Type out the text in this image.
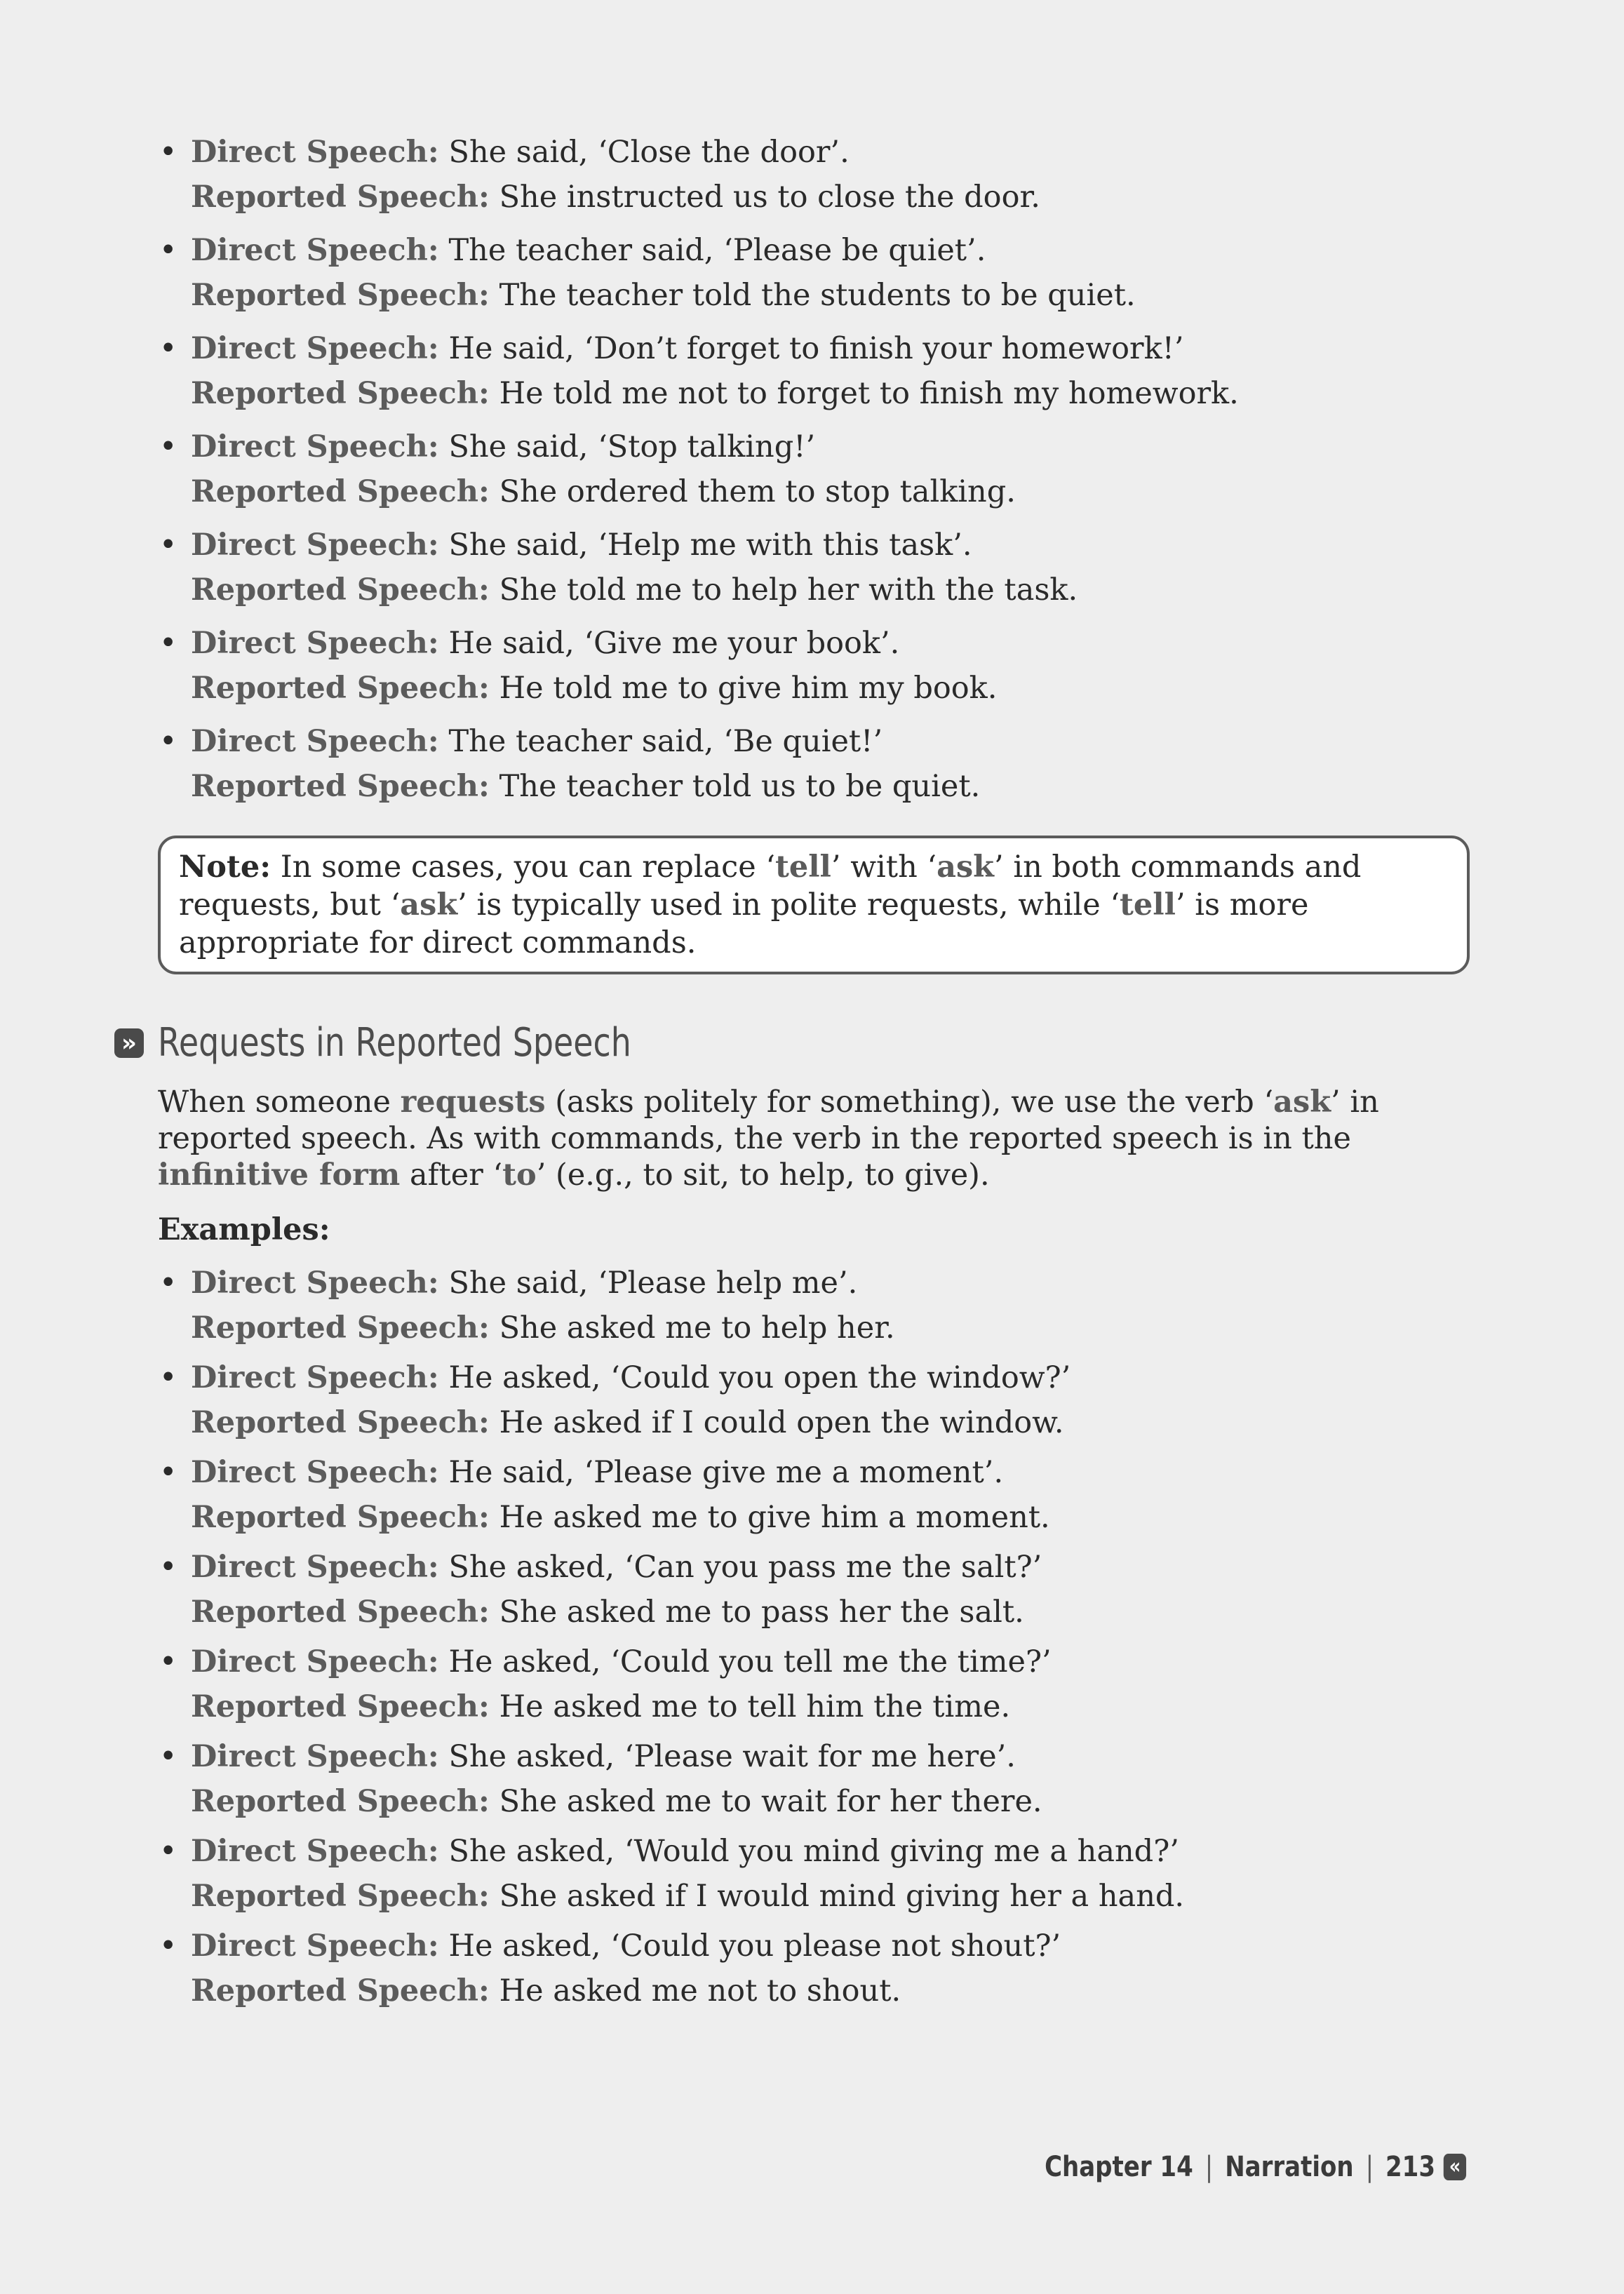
• Direct Speech: She said, ‘Close the door’.
Reported Speech: She instructed us to close the door.
• Direct Speech: The teacher said, ‘Please be quiet’.
Reported Speech: The teacher told the students to be quiet.
• Direct Speech: He said, ‘Don’t forget to finish your homework!’
Reported Speech: He told me not to forget to finish my homework.
• Direct Speech: She said, ‘Stop talking!’
Reported Speech: She ordered them to stop talking.
• Direct Speech: She said, ‘Help me with this task’.
Reported Speech: She told me to help her with the task.
• Direct Speech: He said, ‘Give me your book’.
Reported Speech: He told me to give him my book.
• Direct Speech: The teacher said, ‘Be quiet!’
Reported Speech: The teacher told us to be quiet.
Note: In some cases, you can replace ‘tell’ with ‘ask’ in both commands and requests, but ‘ask’ is typically used in polite requests, while ‘tell’ is more appropriate for direct commands.
» Requests in Reported Speech
When someone requests (asks politely for something), we use the verb ‘ask’ in reported speech. As with commands, the verb in the reported speech is in the infinitive form after ‘to’ (e.g., to sit, to help, to give).
Examples:
• Direct Speech: She said, ‘Please help me’.
Reported Speech: She asked me to help her.
• Direct Speech: He asked, ‘Could you open the window?’
Reported Speech: He asked if I could open the window.
• Direct Speech: He said, ‘Please give me a moment’.
Reported Speech: He asked me to give him a moment.
• Direct Speech: She asked, ‘Can you pass me the salt?’
Reported Speech: She asked me to pass her the salt.
• Direct Speech: He asked, ‘Could you tell me the time?’
Reported Speech: He asked me to tell him the time.
• Direct Speech: She asked, ‘Please wait for me here’.
Reported Speech: She asked me to wait for her there.
• Direct Speech: She asked, ‘Would you mind giving me a hand?’
Reported Speech: She asked if I would mind giving her a hand.
• Direct Speech: He asked, ‘Could you please not shout?’
Reported Speech: He asked me not to shout.
Chapter 14 | Narration | 213 «
